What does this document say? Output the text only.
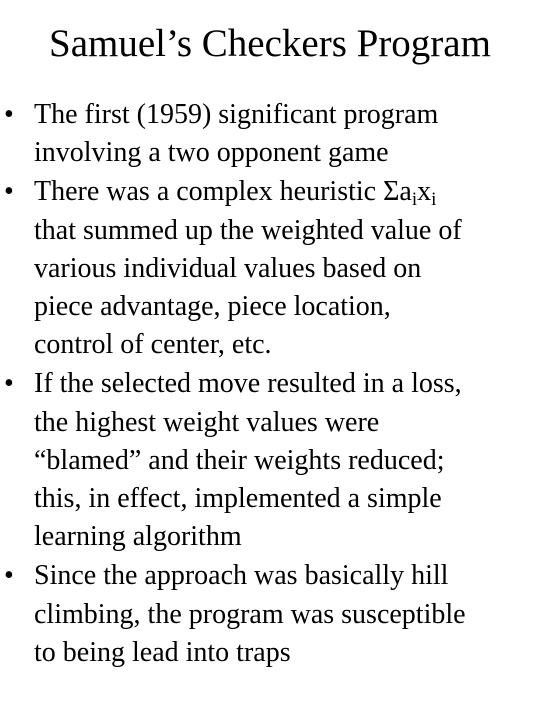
Samuel’s Checkers Program
• The first (1959) significant program
involving a two opponent game
• There was a complex heuristic $\Sigma a_ix_i$
that summed up the weighted value of
various individual values based on
piece advantage, piece location,
control of center, etc.
• If the selected move resulted in a loss,
the highest weight values were
“blamed” and their weights reduced;
this, in effect, implemented a simple
learning algorithm
• Since the approach was basically hill
climbing, the program was susceptible
to being lead into traps
